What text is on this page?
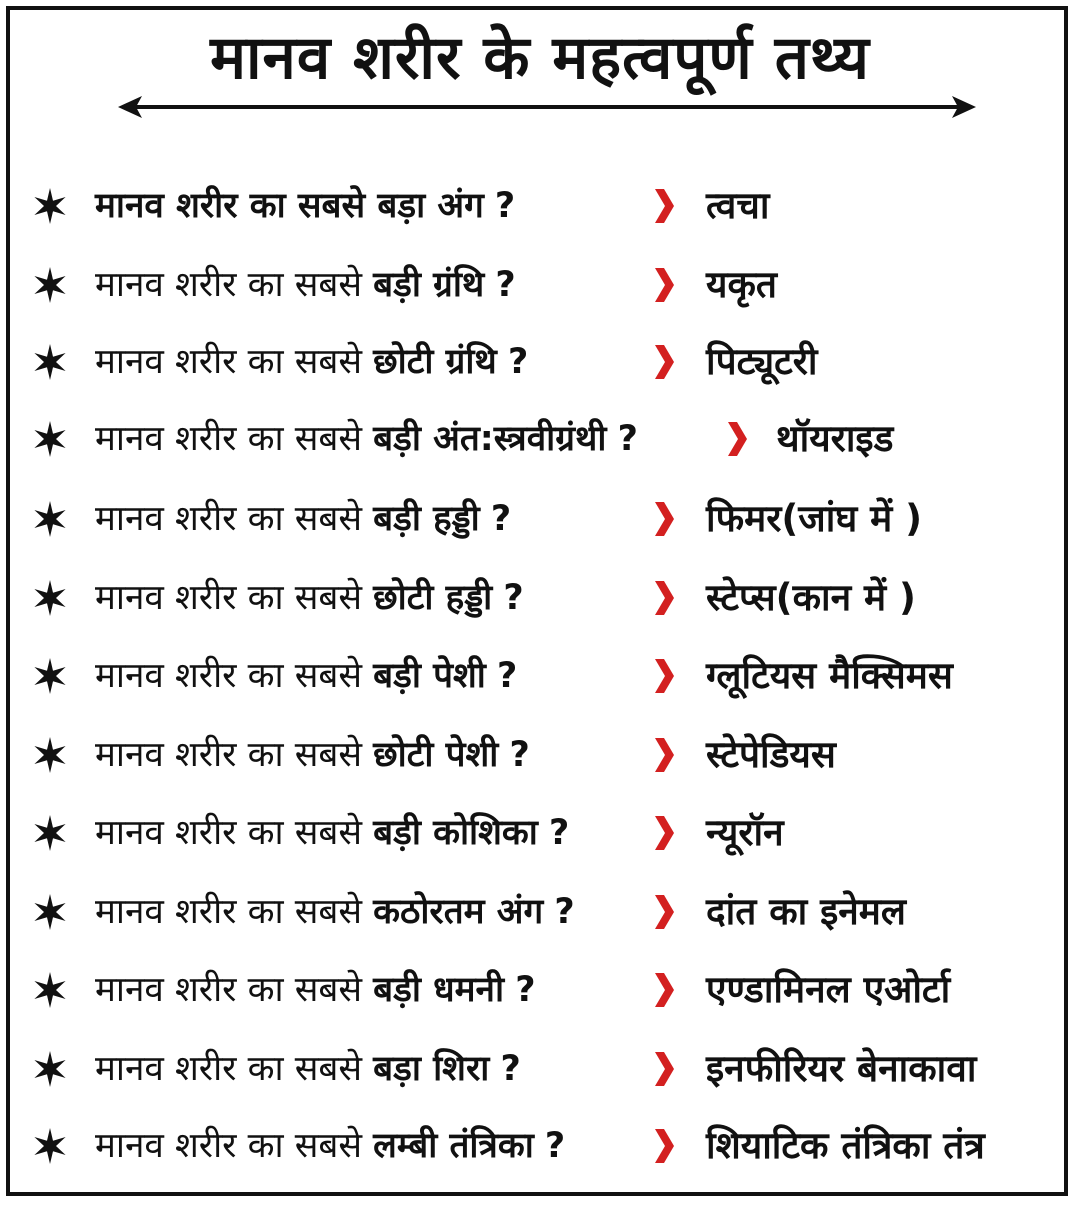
मानव शरीर के महत्वपूर्ण तथ्य
मानव शरीर का सबसे बड़ा अंग ?	त्वचा
मानव शरीर का सबसे बड़ी ग्रंथि ?	यकृत
मानव शरीर का सबसे छोटी ग्रंथि ?	पिट्यूटरी
मानव शरीर का सबसे बड़ी अंत:स्त्रवीग्रंथी ?	थॉयराइड
मानव शरीर का सबसे बड़ी हड्डी ?	फिमर(जांघ में )
मानव शरीर का सबसे छोटी हड्डी ?	स्टेप्स(कान में )
मानव शरीर का सबसे बड़ी पेशी ?	ग्लूटियस मैक्सिमस
मानव शरीर का सबसे छोटी पेशी ?	स्टेपेडियस
मानव शरीर का सबसे बड़ी कोशिका ?	न्यूरॉन
मानव शरीर का सबसे कठोरतम अंग ?	दांत का इनेमल
मानव शरीर का सबसे बड़ी धमनी ?	एण्डामिनल एओर्टा
मानव शरीर का सबसे बड़ा शिरा ?	इनफीरियर बेनाकावा
मानव शरीर का सबसे लम्बी तंत्रिका ?	शियाटिक तंत्रिका तंत्र
